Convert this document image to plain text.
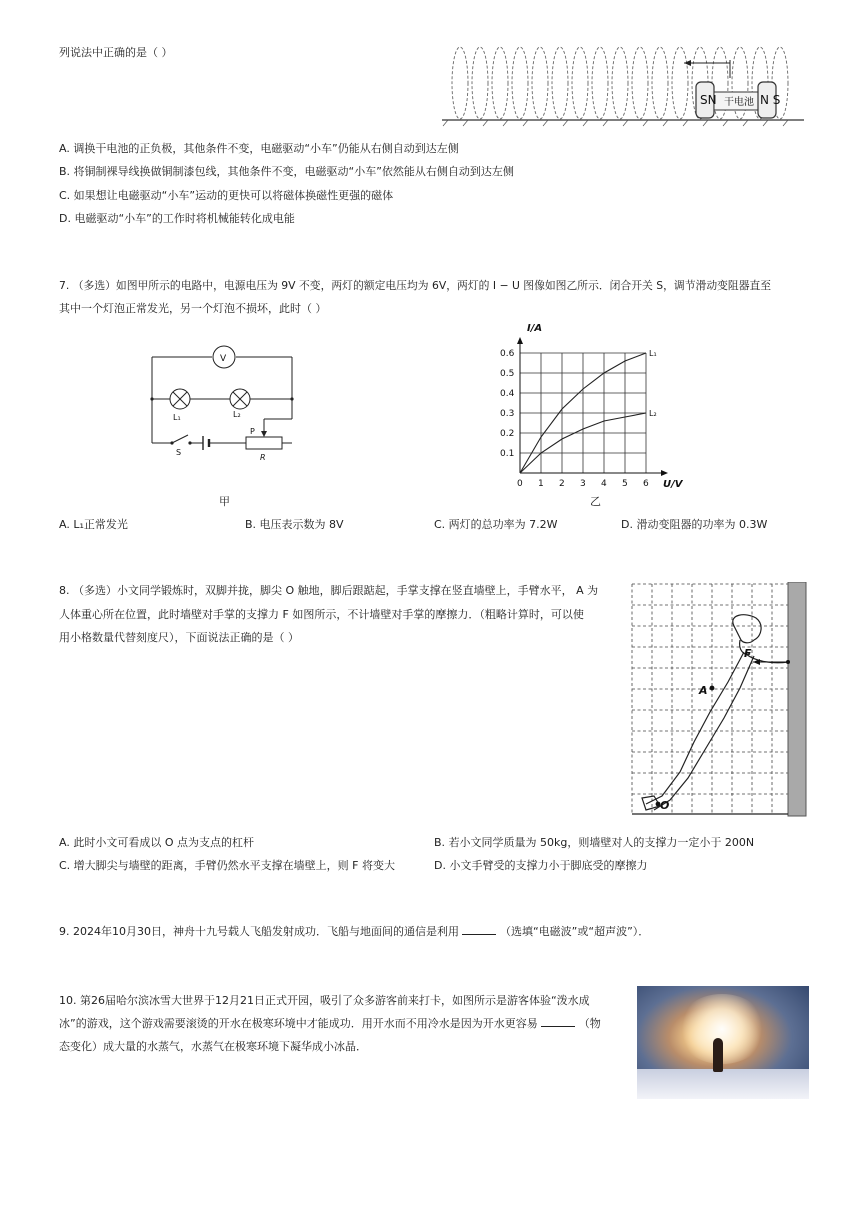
列说法中正确的是（ ）
SN 干电池 N S
A. 调换干电池的正负极，其他条件不变，电磁驱动“小车”仍能从右侧自动到达左侧
B. 将铜制裸导线换做铜制漆包线，其他条件不变，电磁驱动“小车”依然能从右侧自动到达左侧
C. 如果想让电磁驱动“小车”运动的更快可以将磁体换磁性更强的磁体
D. 电磁驱动“小车”的工作时将机械能转化成电能
7. （多选）如图甲所示的电路中，电源电压为 9V 不变，两灯的额定电压均为 6V，两灯的 I − U 图像如图乙所示．闭合开关 S，调节滑动变阻器直至
其中一个灯泡正常发光，另一个灯泡不损坏，此时（ ）
V
L₁	L₂
P
S
R
甲
0 1 2 3 4 5 6
0.1
0.2
0.3
0.4
0.5
0.6	L₁
L₂
I/A
U/V
乙
A. L₁正常发光	B. 电压表示数为 8V	C. 两灯的总功率为 7.2W	D. 滑动变阻器的功率为 0.3W
8. （多选）小文同学锻炼时，双脚并拢，脚尖 O 触地，脚后跟踮起，手掌支撑在竖直墙壁上，手臂水平， A 为
人体重心所在位置，此时墙壁对手掌的支撑力 F 如图所示，不计墙壁对手掌的摩擦力．（粗略计算时，可以使
用小格数量代替刻度尺），下面说法正确的是（ ）
F
A
O
A. 此时小文可看成以 O 点为支点的杠杆	B. 若小文同学质量为 50kg，则墙壁对人的支撑力一定小于 200N
C. 增大脚尖与墙壁的距离，手臂仍然水平支撑在墙壁上，则 F 将变大	D. 小文手臂受的支撑力小于脚底受的摩擦力
9. 2024年10月30日，神舟十九号载人飞船发射成功．飞船与地面间的通信是利用	（选填“电磁波”或“超声波”）．
10. 第26届哈尔滨冰雪大世界于12月21日正式开园，吸引了众多游客前来打卡，如图所示是游客体验“泼水成
冰”的游戏，这个游戏需要滚烫的开水在极寒环境中才能成功．用开水而不用冷水是因为开水更容易	（物
态变化）成大量的水蒸气，水蒸气在极寒环境下凝华成小冰晶．
